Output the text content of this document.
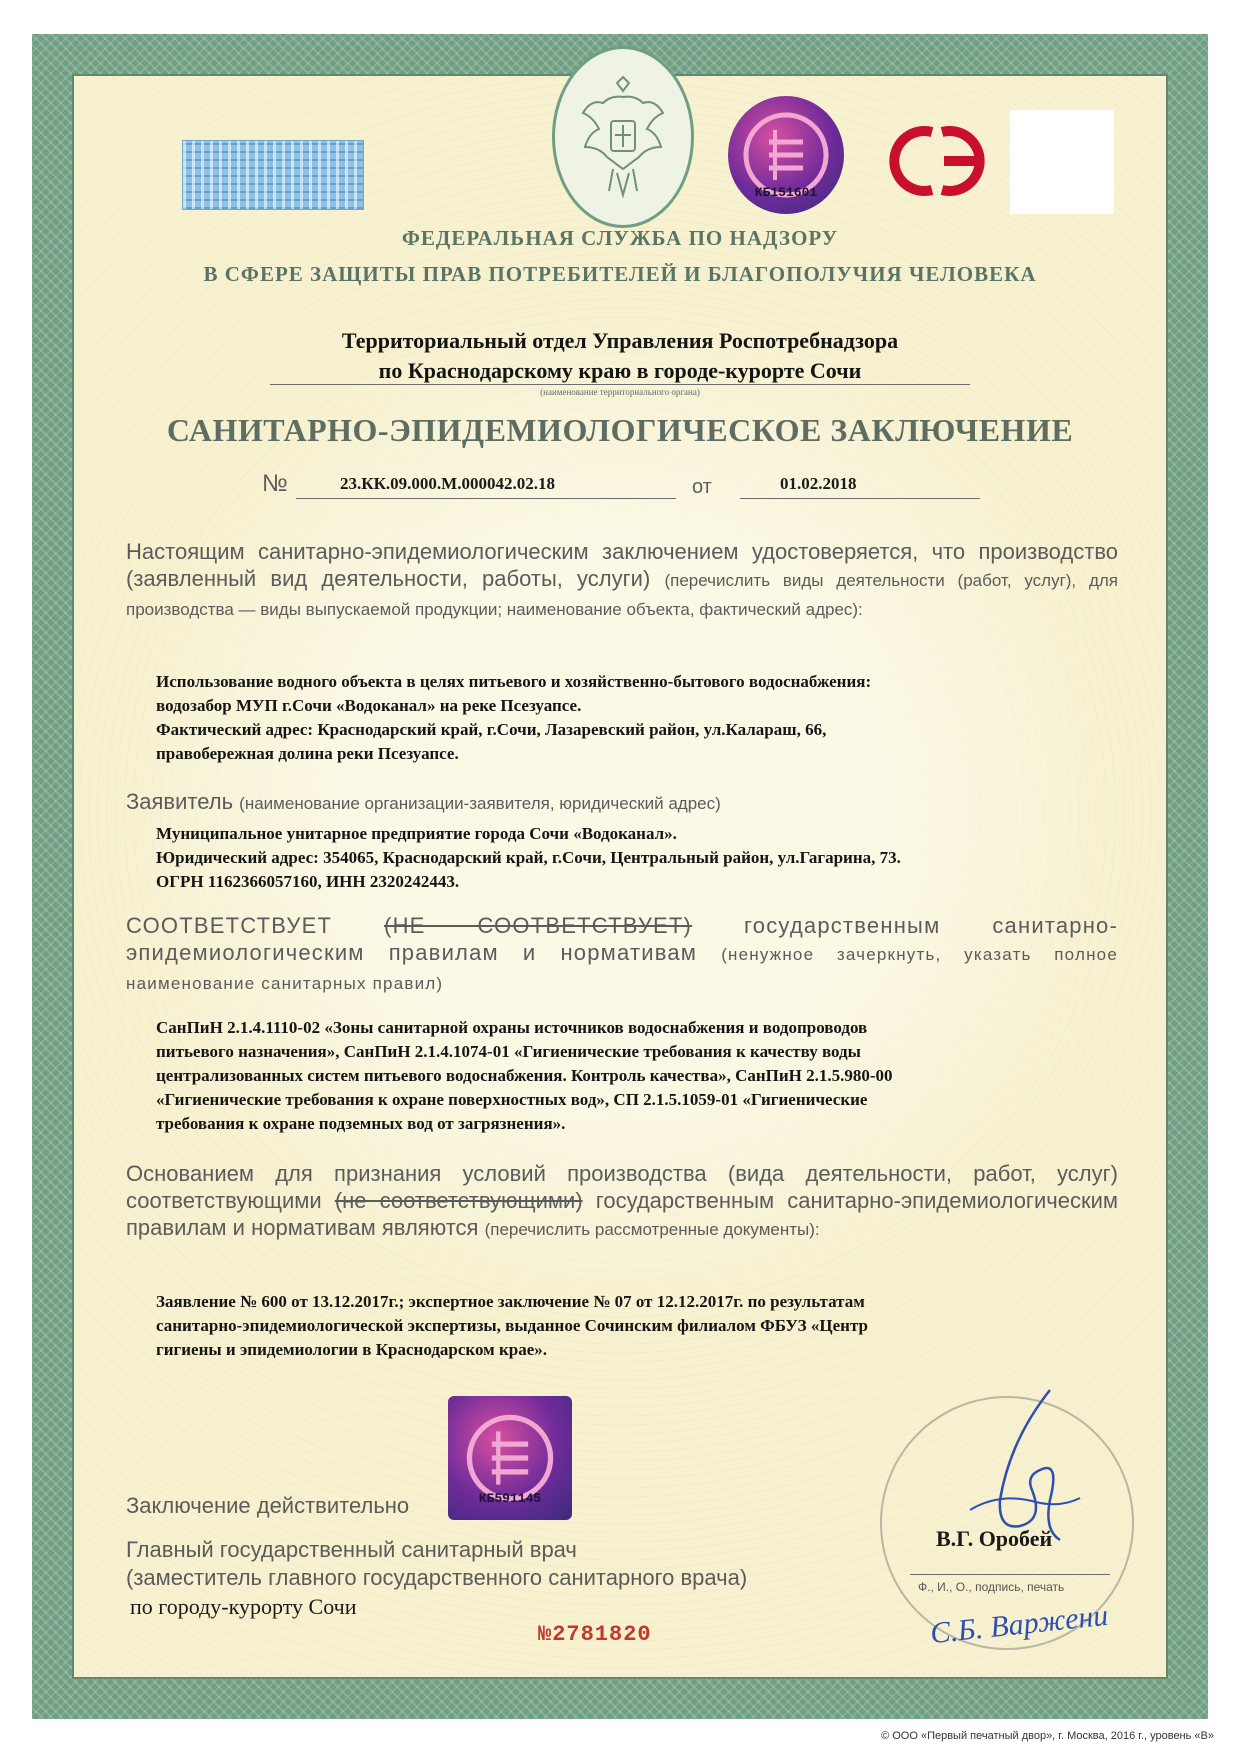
КБ151601
ФЕДЕРАЛЬНАЯ СЛУЖБА ПО НАДЗОРУ
В СФЕРЕ ЗАЩИТЫ ПРАВ ПОТРЕБИТЕЛЕЙ И БЛАГОПОЛУЧИЯ ЧЕЛОВЕКА
Территориальный отдел Управления Роспотребнадзора
по Краснодарскому краю в городе-курорте Сочи
(наименование территориального органа)
САНИТАРНО-ЭПИДЕМИОЛОГИЧЕСКОЕ ЗАКЛЮЧЕНИЕ
№	23.КК.09.000.М.000042.02.18	от	01.02.2018
Настоящим санитарно-эпидемиологическим заключением удостоверяется, что производство (заявленный вид деятельности, работы, услуги) (перечислить виды деятельности (работ, услуг), для производства — виды выпускаемой продукции; наименование объекта, фактический адрес):
Использование водного объекта в целях питьевого и хозяйственно-бытового водоснабжения:
водозабор МУП г.Сочи «Водоканал» на реке Псезуапсе.
Фактический адрес: Краснодарский край, г.Сочи, Лазаревский район, ул.Калараш, 66,
правобережная долина реки Псезуапсе.
Заявитель (наименование организации-заявителя, юридический адрес)
Муниципальное унитарное предприятие города Сочи «Водоканал».
Юридический адрес: 354065, Краснодарский край, г.Сочи, Центральный район, ул.Гагарина, 73.
ОГРН 1162366057160, ИНН 2320242443.
СООТВЕТСТВУЕТ (НЕ СООТВЕТСТВУЕТ) государственным санитарно-эпидемиологическим правилам и нормативам (ненужное зачеркнуть, указать полное наименование санитарных правил)
СанПиН 2.1.4.1110-02 «Зоны санитарной охраны источников водоснабжения и водопроводов
питьевого назначения», СанПиН 2.1.4.1074-01 «Гигиенические требования к качеству воды
централизованных систем питьевого водоснабжения. Контроль качества», СанПиН 2.1.5.980-00
«Гигиенические требования к охране поверхностных вод», СП 2.1.5.1059-01 «Гигиенические
требования к охране подземных вод от загрязнения».
Основанием для признания условий производства (вида деятельности, работ, услуг) соответствующими (не соответствующими) государственным санитарно-эпидемиологическим правилам и нормативам являются (перечислить рассмотренные документы):
Заявление № 600 от 13.12.2017г.; экспертное заключение № 07 от 12.12.2017г. по результатам
санитарно-эпидемиологической экспертизы, выданное Сочинским филиалом ФБУЗ «Центр
гигиены и эпидемиологии в Краснодарском крае».
КБ591145
Заключение действительно
Главный государственный санитарный врач
(заместитель главного государственного санитарного врача)
по городу-курорту Сочи
В.Г. Оробей
Ф., И., О., подпись, печать
С.Б. Варжени
№2781820
© ООО «Первый печатный двор», г. Москва, 2016 г., уровень «В»
